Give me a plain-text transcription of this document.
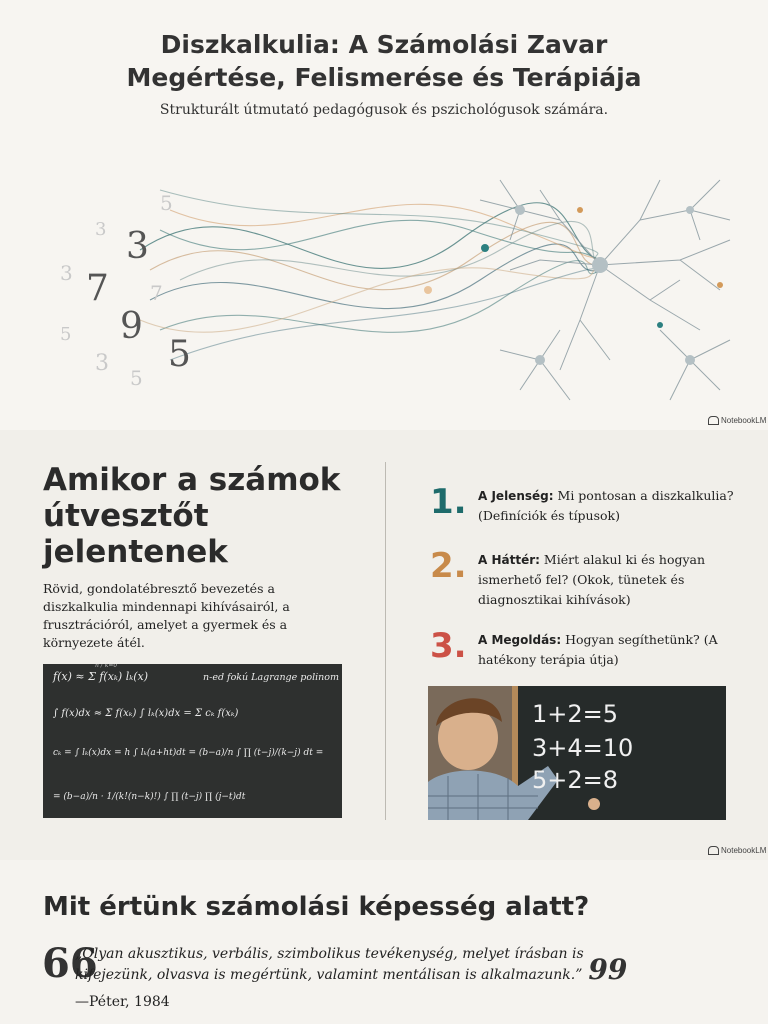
Diszkalkulia: A Számolási Zavar
Megértése, Felismerése és Terápiája
Strukturált útmutató pedagógusok és pszichológusok számára.
5
3
3
7
5
3
5
3
7
9
5
NotebookLM
Amikor a számok útvesztőt jelentenek
Rövid, gondolatébresztő bevezetés a diszkalkulia mindennapi kihívásairól, a frusztrációról, amelyet a gyermek és a környezete átél.
f(x) ≈ Σ f(xₖ) lₖ(x)
n / k=0
n-ed fokú Lagrange polinom
∫ f(x)dx ≈ Σ f(xₖ) ∫ lₖ(x)dx = Σ cₖ f(xₖ)
cₖ = ∫ lₖ(x)dx = h ∫ lₖ(a+ht)dt = (b−a)/n ∫ ∏ (t−j)/(k−j) dt =
= (b−a)/n · 1/(k!(n−k)!) ∫ ∏ (t−j) ∏ (j−t)dt
1. A Jelenség: Mi pontosan a diszkalkulia? (Definíciók és típusok)
2. A Háttér: Miért alakul ki és hogyan ismerhető fel? (Okok, tünetek és diagnosztikai kihívások)
3. A Megoldás: Hogyan segíthetünk? (A hatékony terápia útja)
1+2=5
3+4=10
5+2=8
NotebookLM
Mit értünk számolási képesség alatt?
66
„Olyan akusztikus, verbális, szimbolikus tevékenység, melyet írásban is kifejezünk, olvasva is megértünk, valamint mentálisan is alkalmazunk.” 99
—Péter, 1984
